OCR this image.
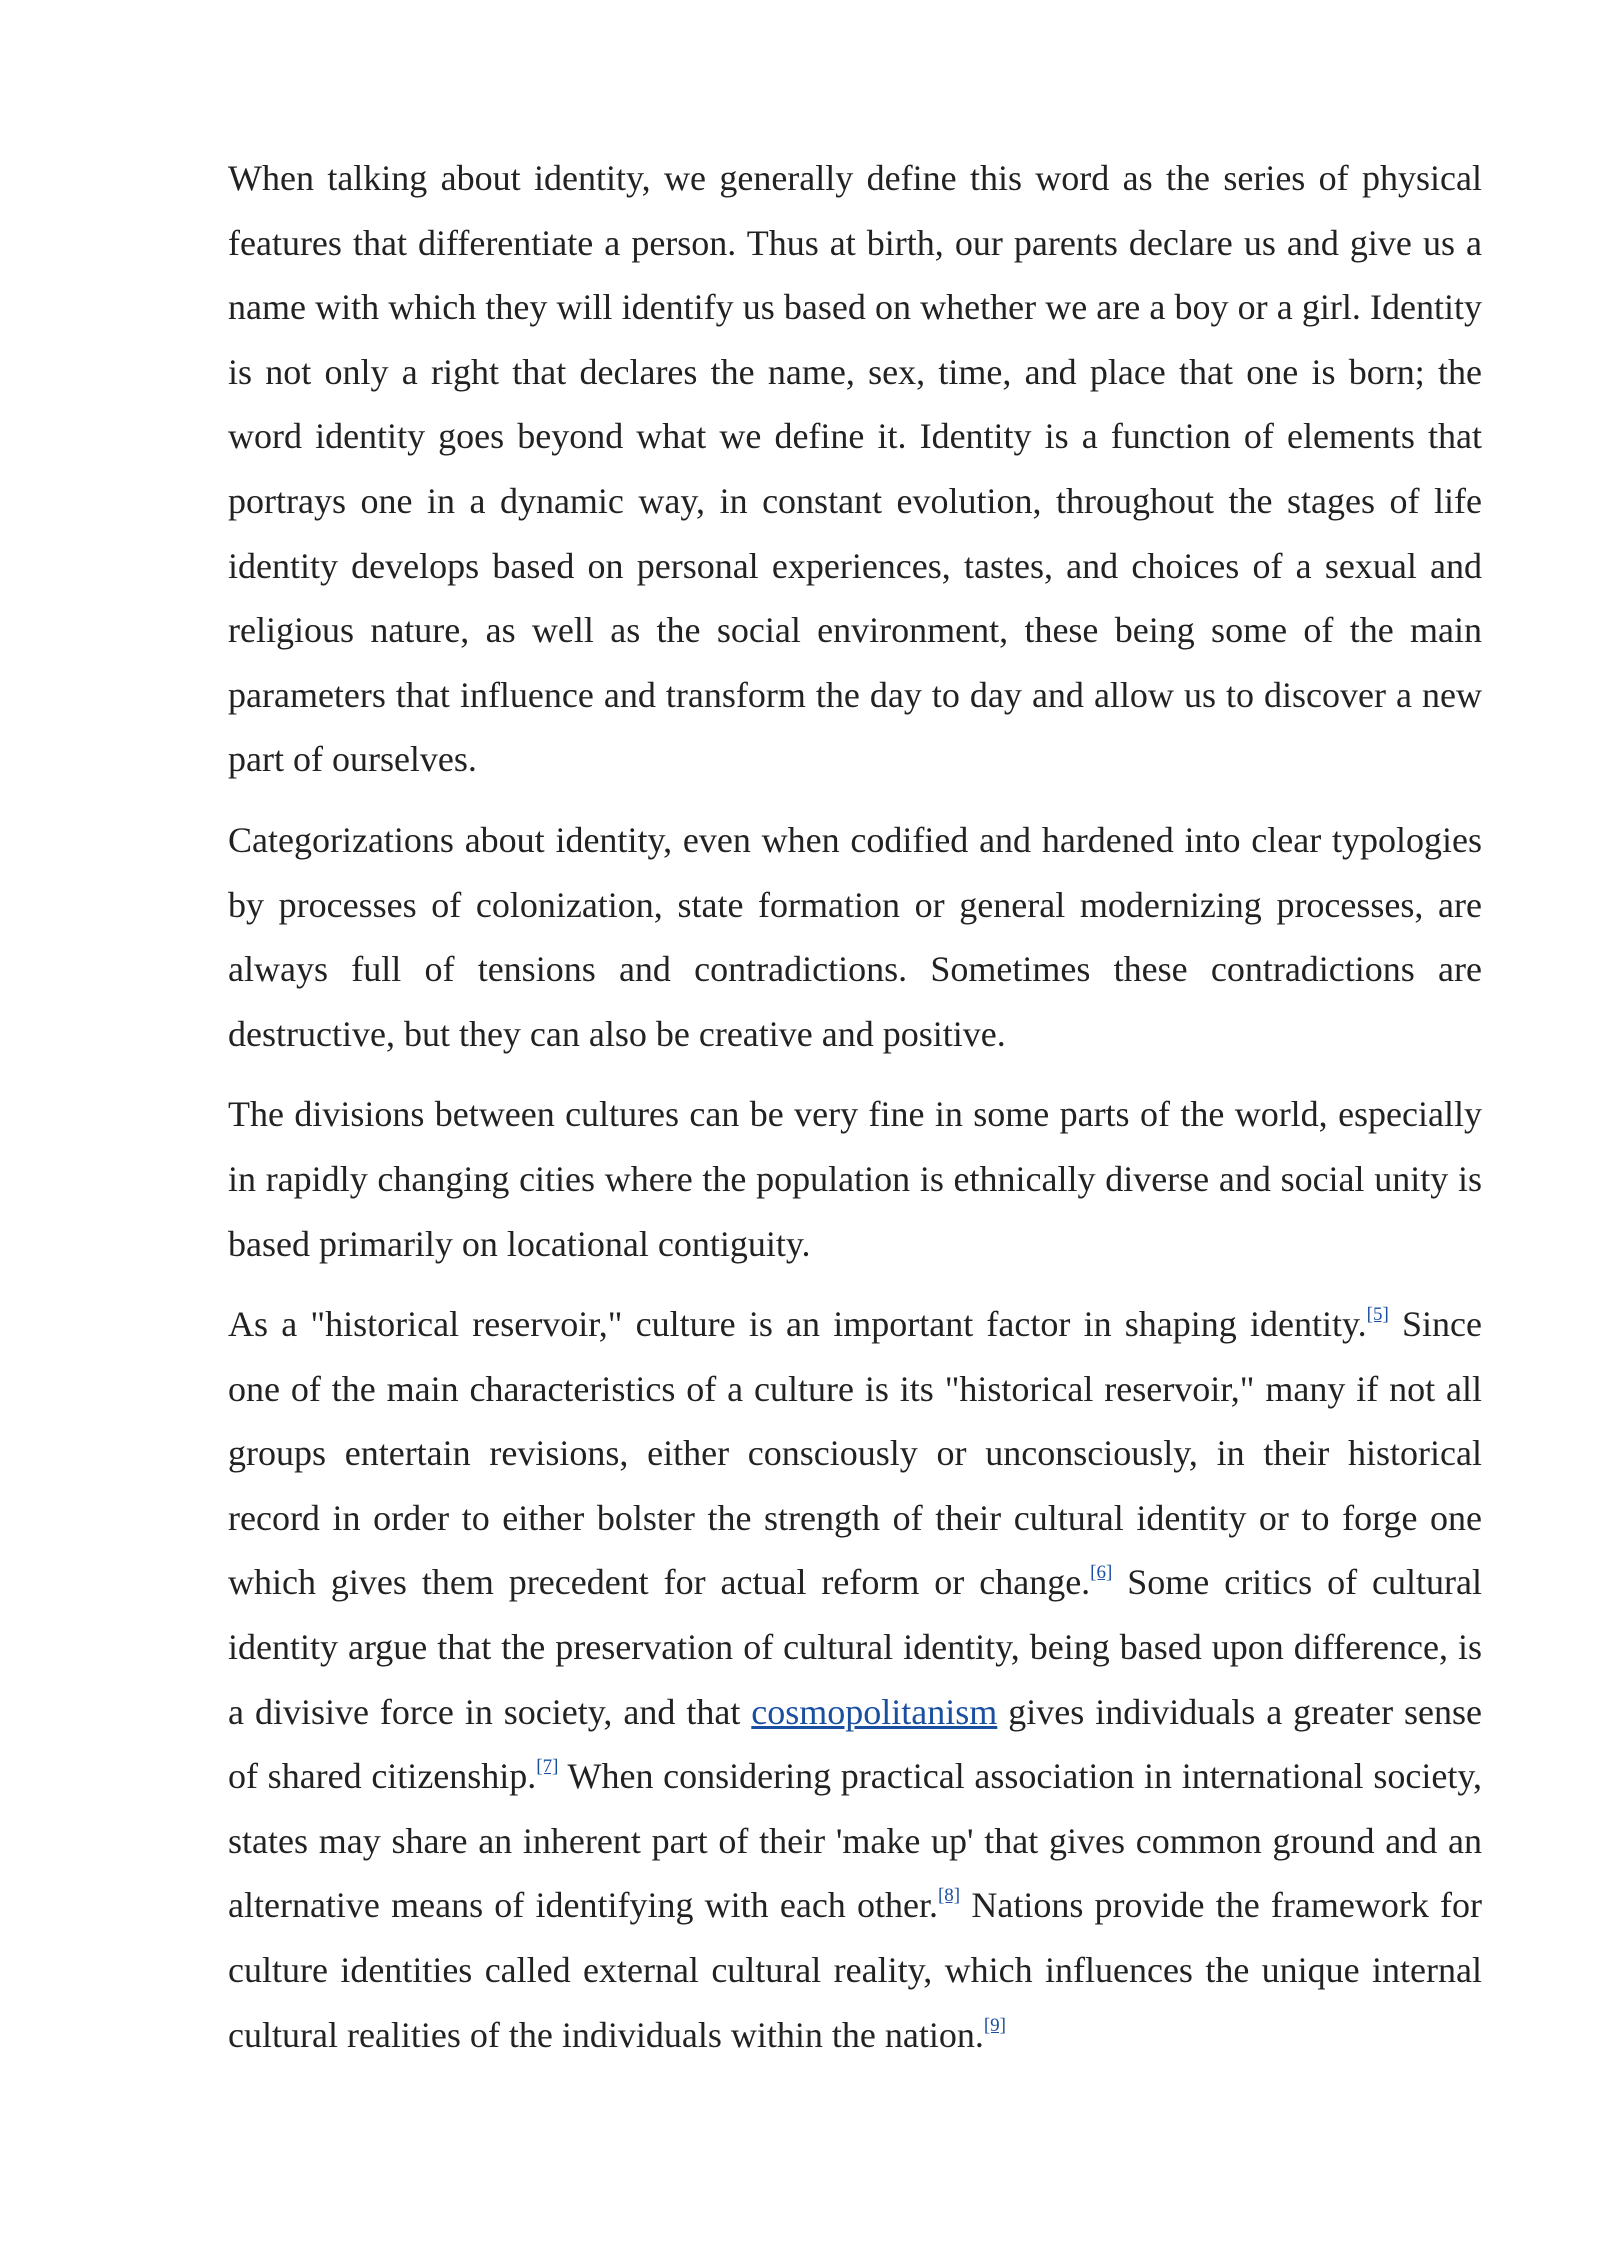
When talking about identity, we generally define this word as the series of physical features that differentiate a person. Thus at birth, our parents declare us and give us a name with which they will identify us based on whether we are a boy or a girl. Identity is not only a right that declares the name, sex, time, and place that one is born; the word identity goes beyond what we define it. Identity is a function of elements that portrays one in a dynamic way, in constant evolution, throughout the stages of life identity develops based on personal experiences, tastes, and choices of a sexual and religious nature, as well as the social environment, these being some of the main parameters that influence and transform the day to day and allow us to discover a new part of ourselves.

Categorizations about identity, even when codified and hardened into clear typologies by processes of colonization, state formation or general modernizing processes, are always full of tensions and contradictions. Sometimes these contradictions are destructive, but they can also be creative and positive.

The divisions between cultures can be very fine in some parts of the world, especially in rapidly changing cities where the population is ethnically diverse and social unity is based primarily on locational contiguity.

As a "historical reservoir," culture is an important factor in shaping identity.[5] Since one of the main characteristics of a culture is its "historical reservoir," many if not all groups entertain revisions, either consciously or unconsciously, in their historical record in order to either bolster the strength of their cultural identity or to forge one which gives them precedent for actual reform or change.[6] Some critics of cultural identity argue that the preservation of cultural identity, being based upon difference, is a divisive force in society, and that cosmopolitanism gives individuals a greater sense of shared citizenship.[7] When considering practical association in international society, states may share an inherent part of their 'make up' that gives common ground and an alternative means of identifying with each other.[8] Nations provide the framework for culture identities called external cultural reality, which influences the unique internal cultural realities of the individuals within the nation.[9]
